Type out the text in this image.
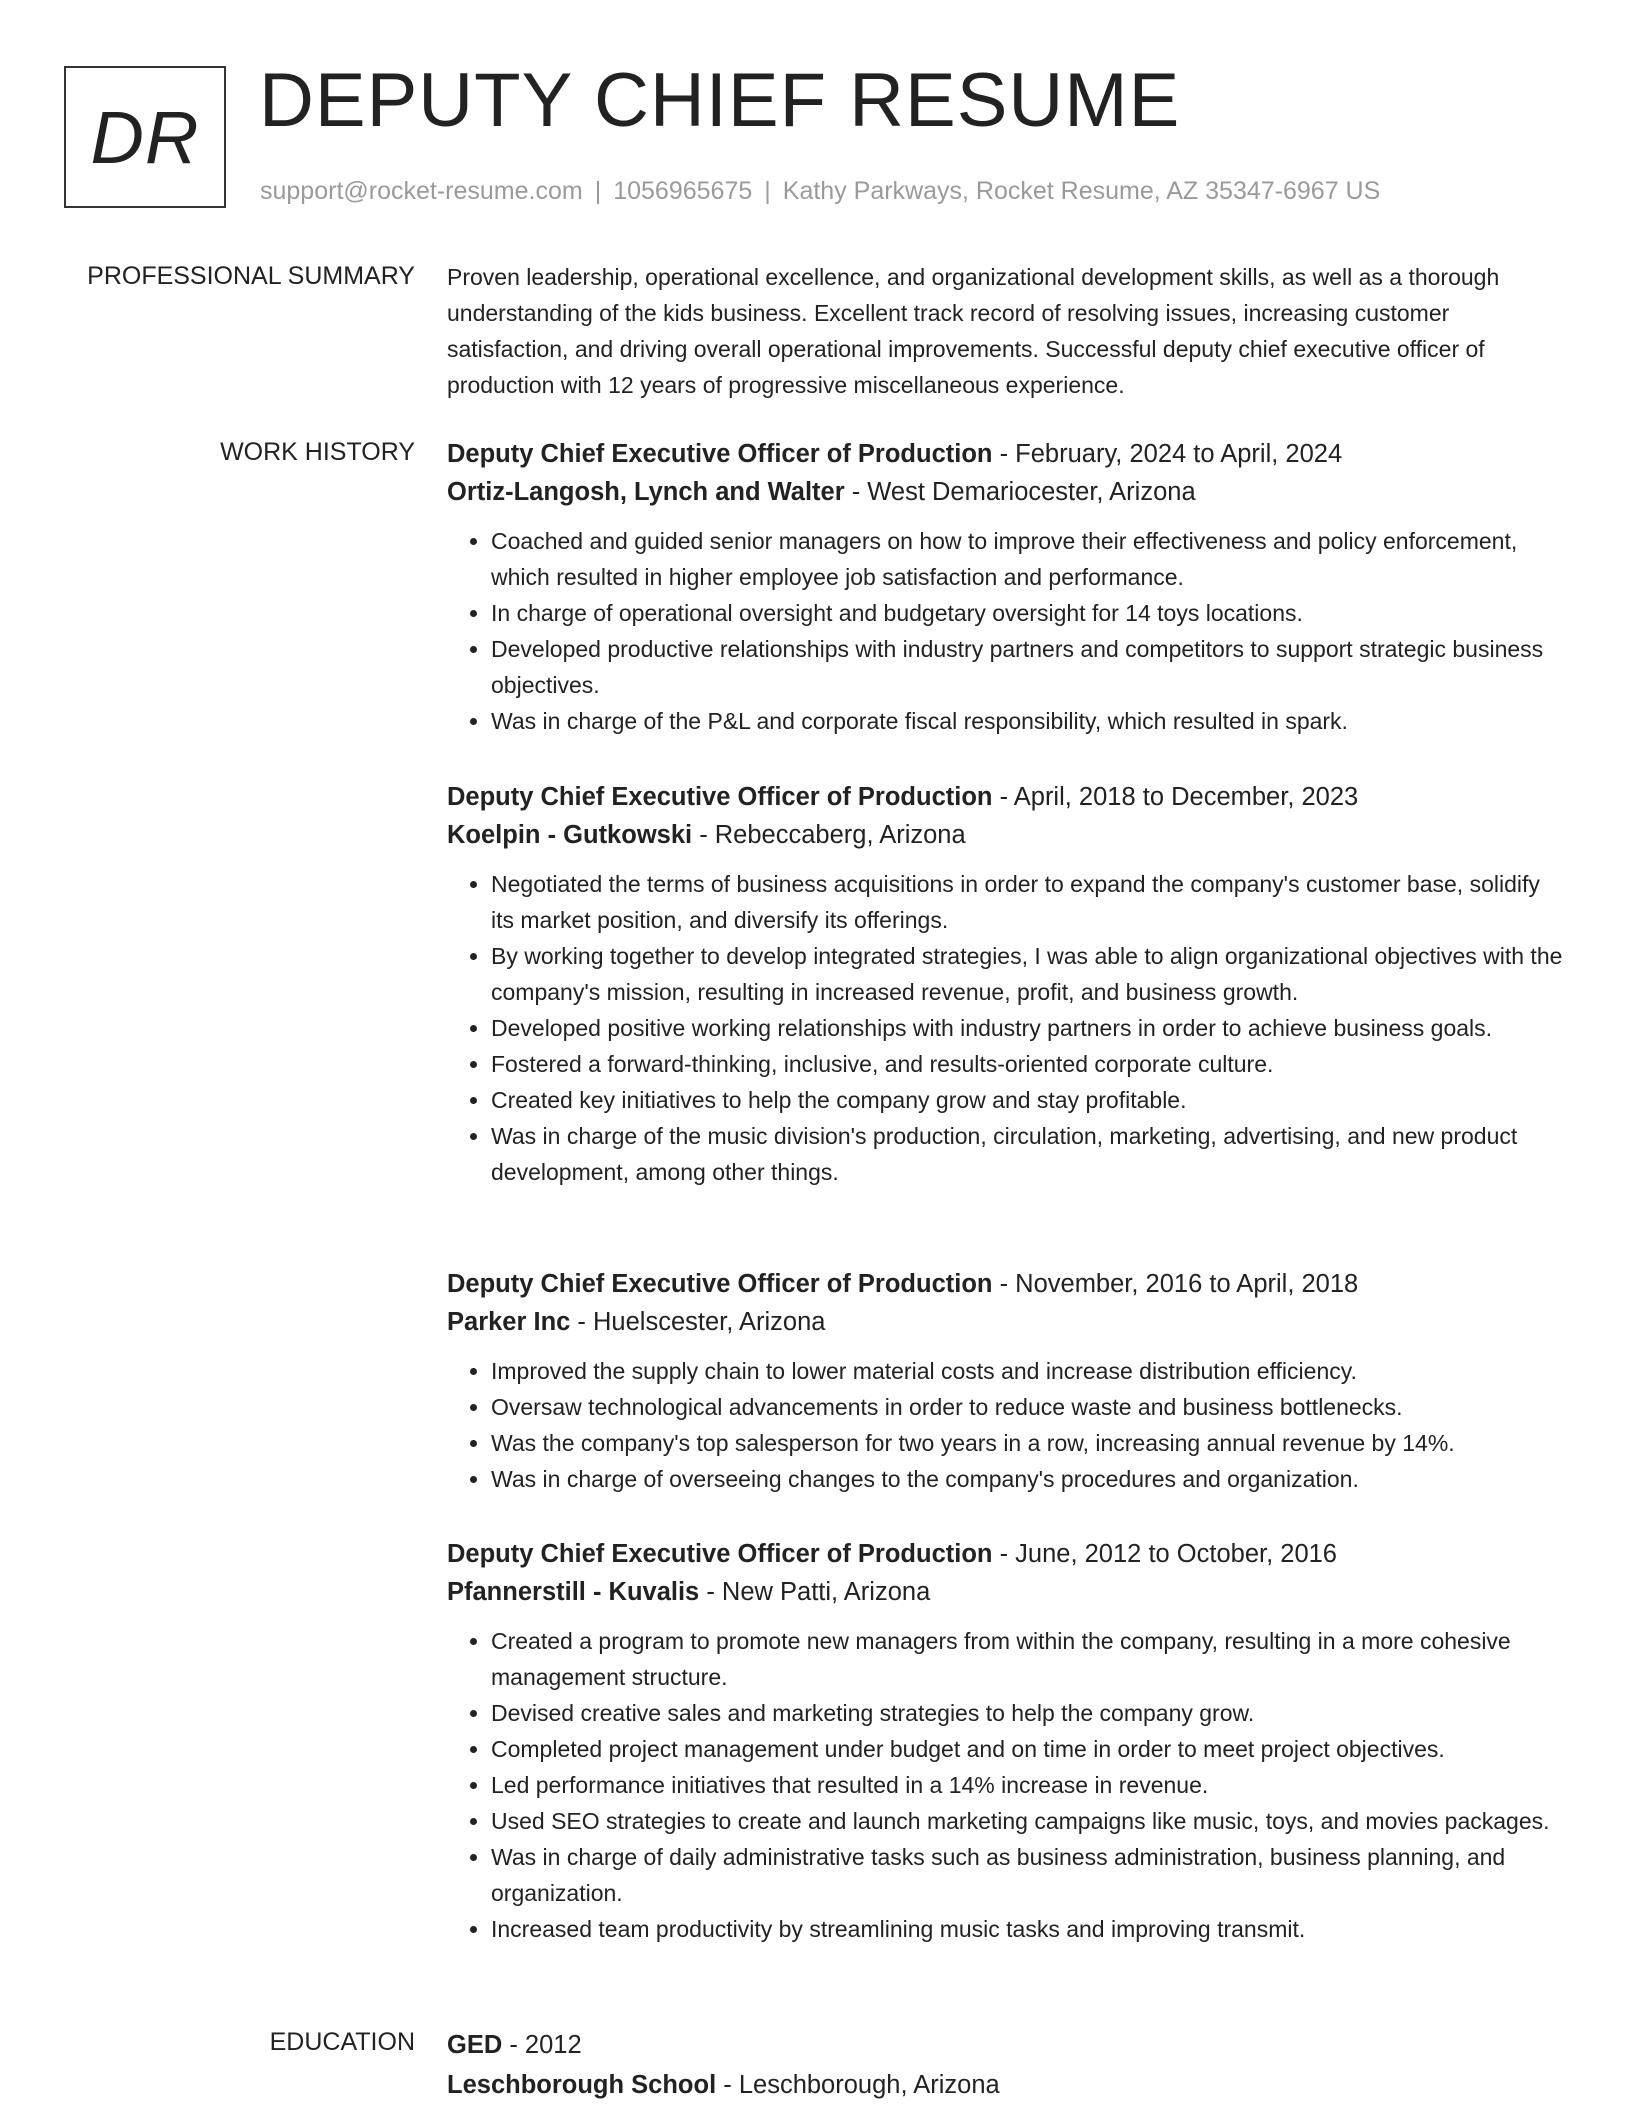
DR DEPUTY CHIEF RESUME
support@rocket-resume.com | 1056965675 | Kathy Parkways, Rocket Resume, AZ 35347-6967 US
PROFESSIONAL SUMMARY Proven leadership, operational excellence, and organizational development skills, as well as a thorough understanding of the kids business. Excellent track record of resolving issues, increasing customer satisfaction, and driving overall operational improvements. Successful deputy chief executive officer of production with 12 years of progressive miscellaneous experience.

WORK HISTORY Deputy Chief Executive Officer of Production - February, 2024 to April, 2024
Ortiz-Langosh, Lynch and Walter - West Demariocester, Arizona
• Coached and guided senior managers on how to improve their effectiveness and policy enforcement, which resulted in higher employee job satisfaction and performance.
• In charge of operational oversight and budgetary oversight for 14 toys locations.
• Developed productive relationships with industry partners and competitors to support strategic business objectives.
• Was in charge of the P&L and corporate fiscal responsibility, which resulted in spark.
Deputy Chief Executive Officer of Production - April, 2018 to December, 2023
Koelpin - Gutkowski - Rebeccaberg, Arizona
• Negotiated the terms of business acquisitions in order to expand the company's customer base, solidify its market position, and diversify its offerings.
• By working together to develop integrated strategies, I was able to align organizational objectives with the company's mission, resulting in increased revenue, profit, and business growth.
• Developed positive working relationships with industry partners in order to achieve business goals.
• Fostered a forward-thinking, inclusive, and results-oriented corporate culture.
• Created key initiatives to help the company grow and stay profitable.
• Was in charge of the music division's production, circulation, marketing, advertising, and new product development, among other things.
Deputy Chief Executive Officer of Production - November, 2016 to April, 2018
Parker Inc - Huelscester, Arizona
• Improved the supply chain to lower material costs and increase distribution efficiency.
• Oversaw technological advancements in order to reduce waste and business bottlenecks.
• Was the company's top salesperson for two years in a row, increasing annual revenue by 14%.
• Was in charge of overseeing changes to the company's procedures and organization.
Deputy Chief Executive Officer of Production - June, 2012 to October, 2016
Pfannerstill - Kuvalis - New Patti, Arizona
• Created a program to promote new managers from within the company, resulting in a more cohesive management structure.
• Devised creative sales and marketing strategies to help the company grow.
• Completed project management under budget and on time in order to meet project objectives.
• Led performance initiatives that resulted in a 14% increase in revenue.
• Used SEO strategies to create and launch marketing campaigns like music, toys, and movies packages.
• Was in charge of daily administrative tasks such as business administration, business planning, and organization.
• Increased team productivity by streamlining music tasks and improving transmit.
EDUCATION GED - 2012
Leschborough School - Leschborough, Arizona
